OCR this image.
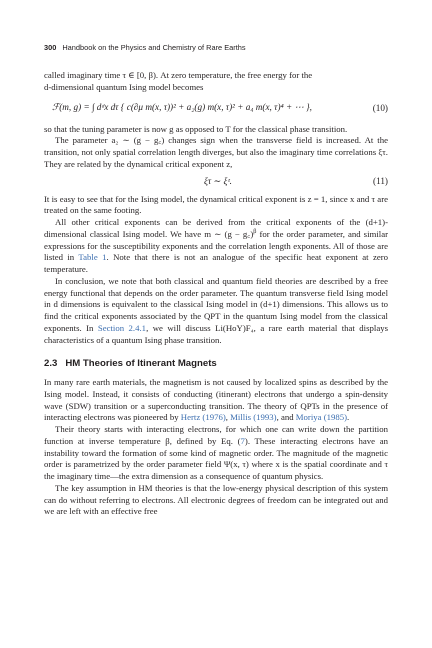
300 Handbook on the Physics and Chemistry of Rare Earths

called imaginary time τ ∈ [0, β). At zero temperature, the free energy for the

d-dimensional quantum Ising model becomes

ℱ(m, g) = ∫ dᵈx dτ { c(∂μ m(x, τ))² + a₂(g) m(x, τ)² + a₄ m(x, τ)⁴ + ⋯ },	(10)

so that the tuning parameter is now g as opposed to T for the classical phase transition.

The parameter a₂ ∼ (g − g꜀) changes sign when the transverse field is increased. At the transition, not only spatial correlation length diverges, but also the imaginary time correlations ξτ. They are related by the dynamical critical exponent z,

ξτ ∼ ξᶻ.	(11)

It is easy to see that for the Ising model, the dynamical critical exponent is z = 1, since x and τ are treated on the same footing.

All other critical exponents can be derived from the critical exponents of the (d+1)-dimensional classical Ising model. We have m ∼ (g − g꜀)$^\beta$ for the order parameter, and similar expressions for the susceptibility exponents and the correlation length exponents. All of those are listed in Table 1. Note that there is not an analogue of the specific heat exponent at zero temperature.

In conclusion, we note that both classical and quantum field theories are described by a free energy functional that depends on the order parameter. The quantum transverse field Ising model in d dimensions is equivalent to the classical Ising model in (d+1) dimensions. This allows us to find the critical exponents associated by the QPT in the quantum Ising model from the classical exponents. In Section 2.4.1, we will discuss Li(HoY)F₄, a rare earth material that displays characteristics of a quantum Ising phase transition.

2.3 HM Theories of Itinerant Magnets

In many rare earth materials, the magnetism is not caused by localized spins as described by the Ising model. Instead, it consists of conducting (itinerant) electrons that undergo a spin-density wave (SDW) transition or a superconducting transition. The theory of QPTs in the presence of interacting electrons was pioneered by Hertz (1976), Millis (1993), and Moriya (1985).

Their theory starts with interacting electrons, for which one can write down the partition function at inverse temperature β, defined by Eq. (7). These interacting electrons have an instability toward the formation of some kind of magnetic order. The magnitude of the magnetic order is parametrized by the order parameter field Ψ(x, τ) where x is the spatial coordinate and τ the imaginary time—the extra dimension as a consequence of quantum physics.

The key assumption in HM theories is that the low-energy physical description of this system can do without referring to electrons. All electronic degrees of freedom can be integrated out and we are left with an effective free
